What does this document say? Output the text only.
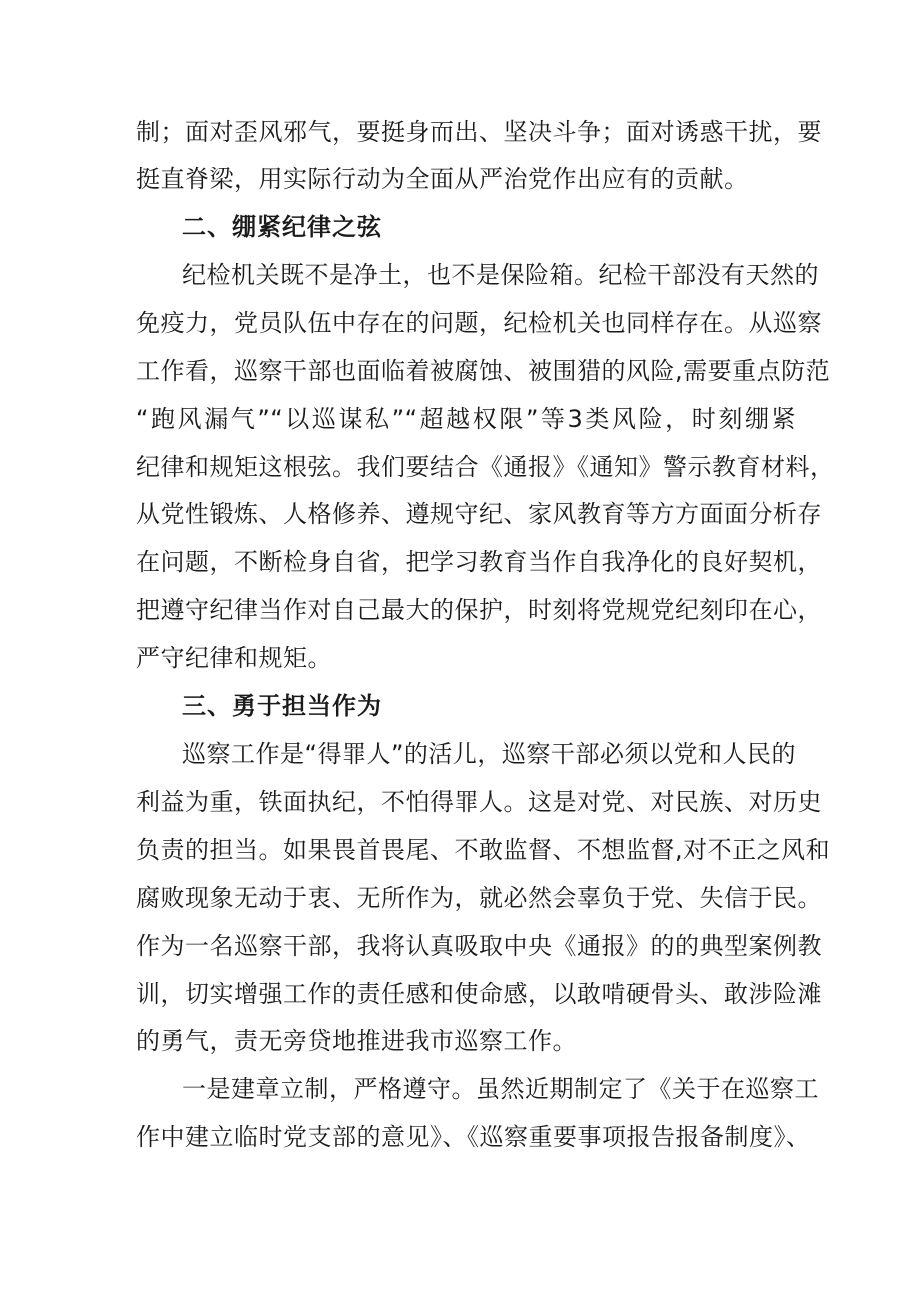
制；面对歪风邪气，要挺身而出、坚决斗争；面对诱惑干扰，要
挺直脊梁，用实际行动为全面从严治党作出应有的贡献。
二、绷紧纪律之弦
纪检机关既不是净土，也不是保险箱。纪检干部没有天然的
免疫力，党员队伍中存在的问题，纪检机关也同样存在。从巡察
工作看，巡察干部也面临着被腐蚀、被围猎的风险,需要重点防范
“跑风漏气”“以巡谋私”“超越权限”等3类风险，时刻绷紧
纪律和规矩这根弦。我们要结合《通报》《通知》警示教育材料，
从党性锻炼、人格修养、遵规守纪、家风教育等方方面面分析存
在问题，不断检身自省，把学习教育当作自我净化的良好契机，
把遵守纪律当作对自己最大的保护，时刻将党规党纪刻印在心，
严守纪律和规矩。
三、勇于担当作为
巡察工作是“得罪人”的活儿，巡察干部必须以党和人民的
利益为重，铁面执纪，不怕得罪人。这是对党、对民族、对历史
负责的担当。如果畏首畏尾、不敢监督、不想监督,对不正之风和
腐败现象无动于衷、无所作为，就必然会辜负于党、失信于民。
作为一名巡察干部，我将认真吸取中央《通报》的的典型案例教
训，切实增强工作的责任感和使命感，以敢啃硬骨头、敢涉险滩
的勇气，责无旁贷地推进我市巡察工作。
一是建章立制，严格遵守。虽然近期制定了《关于在巡察工
作中建立临时党支部的意见》、《巡察重要事项报告报备制度》、
